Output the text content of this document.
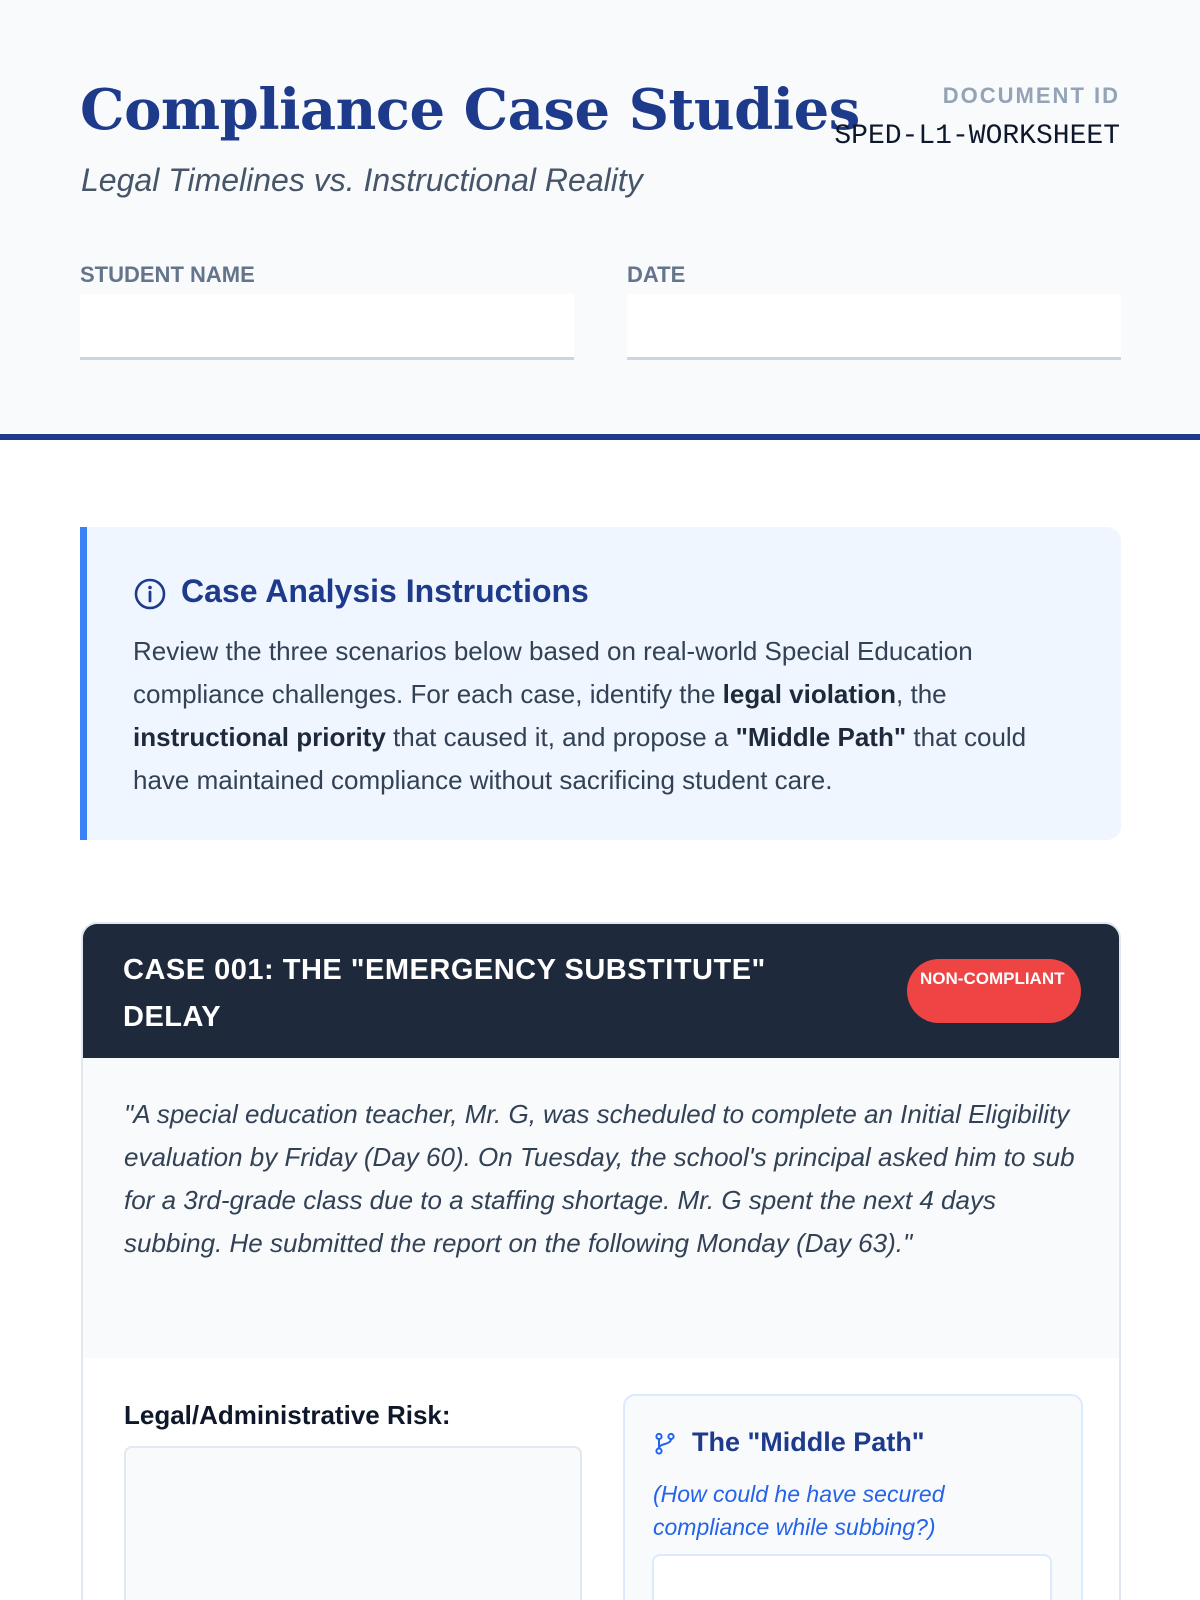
Compliance Case Studies
Legal Timelines vs. Instructional Reality
DOCUMENT ID
SPED-L1-WORKSHEET
STUDENT NAME	DATE
Case Analysis Instructions

Review the three scenarios below based on real-world Special Education compliance challenges. For each case, identify the legal violation, the instructional priority that caused it, and propose a "Middle Path" that could have maintained compliance without sacrificing student care.

CASE 001: THE "EMERGENCY SUBSTITUTE" DELAY
NON-COMPLIANT

"A special education teacher, Mr. G, was scheduled to complete an Initial Eligibility evaluation by Friday (Day 60). On Tuesday, the school's principal asked him to sub for a 3rd-grade class due to a staffing shortage. Mr. G spent the next 4 days subbing. He submitted the report on the following Monday (Day 63)."

Legal/Administrative Risk:
The "Middle Path"

(How could he have secured compliance while subbing?)
